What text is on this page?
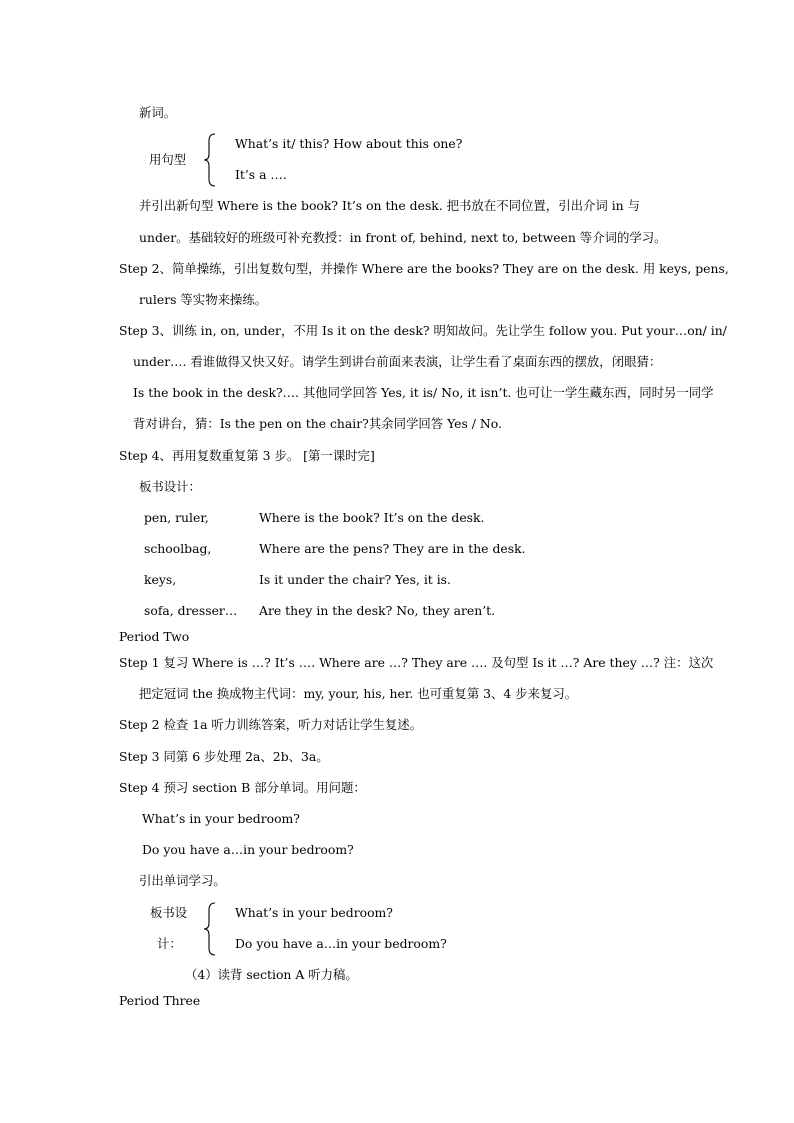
新词。
用句型
What’s it/ this? How about this one?
It’s a ….
并引出新句型 Where is the book? It’s on the desk. 把书放在不同位置，引出介词 in 与
under。基础较好的班级可补充教授：in front of, behind, next to, between 等介词的学习。
Step 2、简单操练，引出复数句型，并操作 Where are the books? They are on the desk. 用 keys, pens,
rulers 等实物来操练。
Step 3、训练 in, on, under，不用 Is it on the desk? 明知故问。先让学生 follow you. Put your…on/ in/
under…. 看谁做得又快又好。请学生到讲台前面来表演，让学生看了桌面东西的摆放，闭眼猜：
Is the book in the desk?…. 其他同学回答 Yes, it is/ No, it isn’t. 也可让一学生藏东西，同时另一同学
背对讲台，猜：Is the pen on the chair?其余同学回答 Yes / No.
Step 4、再用复数重复第 3 步。 [第一课时完]
板书设计：
pen, ruler,	Where is the book? It’s on the desk.
schoolbag,	Where are the pens? They are in the desk.
keys,	Is it under the chair? Yes, it is.
sofa, dresser… Are they in the desk? No, they aren’t.
Period Two
Step 1 复习 Where is …? It’s …. Where are …? They are …. 及句型 Is it …? Are they …? 注：这次
把定冠词 the 换成物主代词：my, your, his, her. 也可重复第 3、4 步来复习。
Step 2 检查 1a 听力训练答案，听力对话让学生复述。
Step 3 同第 6 步处理 2a、2b、3a。
Step 4 预习 section B 部分单词。用问题：
What’s in your bedroom?
Do you have a…in your bedroom?
引出单词学习。
板书设
计：
What’s in your bedroom?
Do you have a…in your bedroom?
（4）读背 section A 听力稿。
Period Three
